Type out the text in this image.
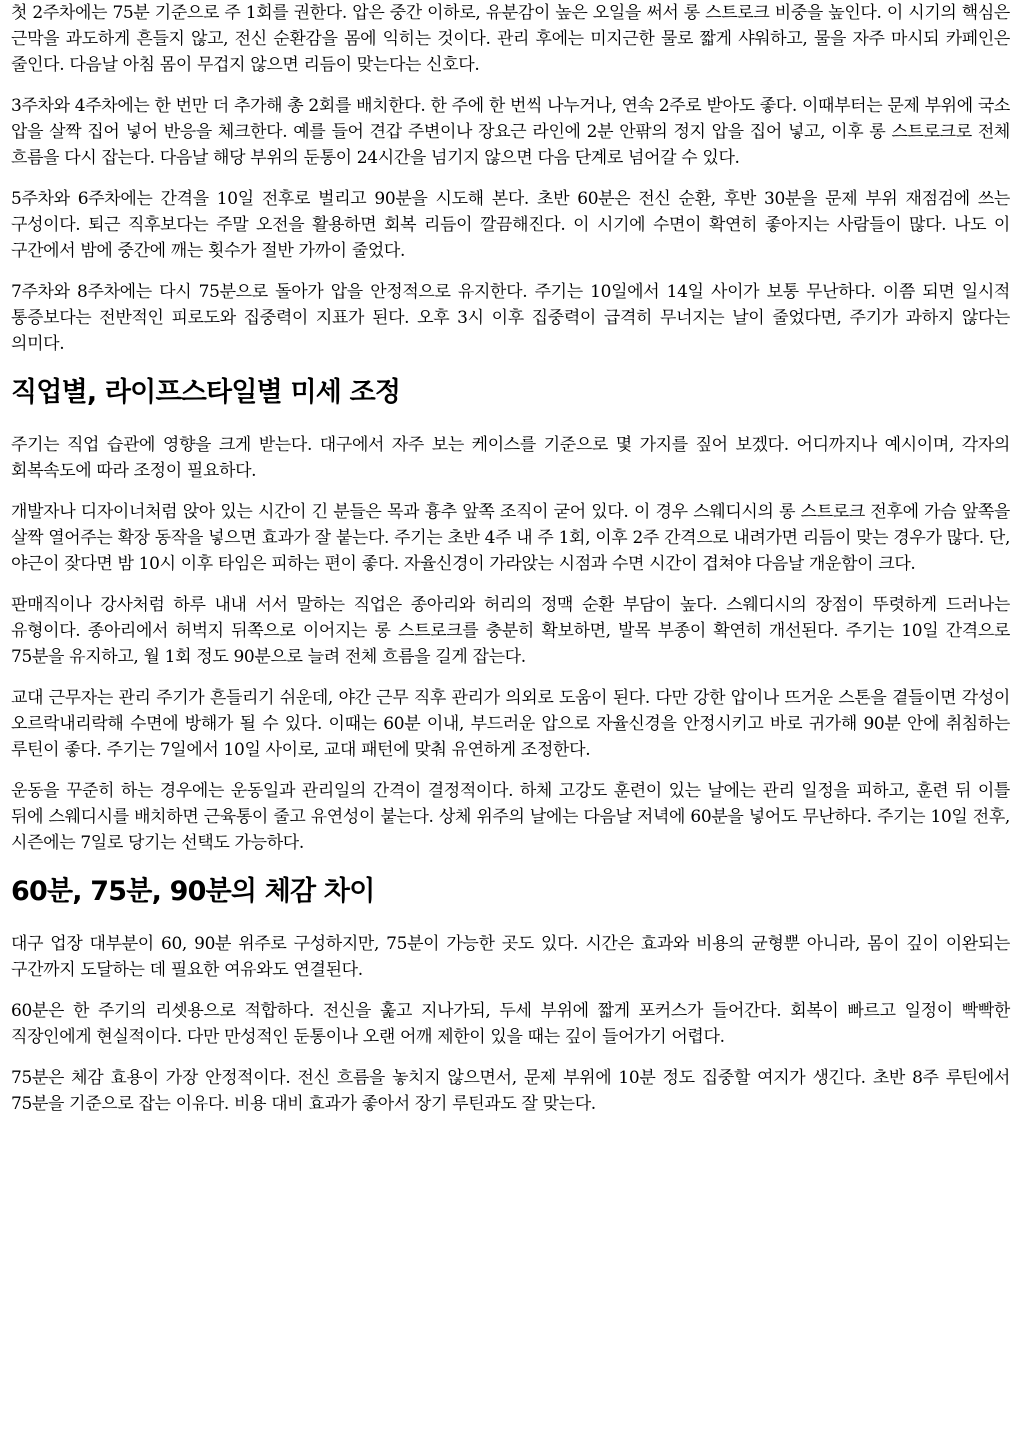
첫 2주차에는 75분 기준으로 주 1회를 권한다. 압은 중간 이하로, 유분감이 높은 오일을 써서 롱 스트로크 비중을 높인다. 이 시기의 핵심은 근막을 과도하게 흔들지 않고, 전신 순환감을 몸에 익히는 것이다. 관리 후에는 미지근한 물로 짧게 샤워하고, 물을 자주 마시되 카페인은 줄인다. 다음날 아침 몸이 무겁지 않으면 리듬이 맞는다는 신호다.

3주차와 4주차에는 한 번만 더 추가해 총 2회를 배치한다. 한 주에 한 번씩 나누거나, 연속 2주로 받아도 좋다. 이때부터는 문제 부위에 국소 압을 살짝 집어 넣어 반응을 체크한다. 예를 들어 견갑 주변이나 장요근 라인에 2분 안팎의 정지 압을 집어 넣고, 이후 롱 스트로크로 전체 흐름을 다시 잡는다. 다음날 해당 부위의 둔통이 24시간을 넘기지 않으면 다음 단계로 넘어갈 수 있다.

5주차와 6주차에는 간격을 10일 전후로 벌리고 90분을 시도해 본다. 초반 60분은 전신 순환, 후반 30분을 문제 부위 재점검에 쓰는 구성이다. 퇴근 직후보다는 주말 오전을 활용하면 회복 리듬이 깔끔해진다. 이 시기에 수면이 확연히 좋아지는 사람들이 많다. 나도 이 구간에서 밤에 중간에 깨는 횟수가 절반 가까이 줄었다.

7주차와 8주차에는 다시 75분으로 돌아가 압을 안정적으로 유지한다. 주기는 10일에서 14일 사이가 보통 무난하다. 이쯤 되면 일시적 통증보다는 전반적인 피로도와 집중력이 지표가 된다. 오후 3시 이후 집중력이 급격히 무너지는 날이 줄었다면, 주기가 과하지 않다는 의미다.

직업별, 라이프스타일별 미세 조정

주기는 직업 습관에 영향을 크게 받는다. 대구에서 자주 보는 케이스를 기준으로 몇 가지를 짚어 보겠다. 어디까지나 예시이며, 각자의 회복속도에 따라 조정이 필요하다.

개발자나 디자이너처럼 앉아 있는 시간이 긴 분들은 목과 흉추 앞쪽 조직이 굳어 있다. 이 경우 스웨디시의 롱 스트로크 전후에 가슴 앞쪽을 살짝 열어주는 확장 동작을 넣으면 효과가 잘 붙는다. 주기는 초반 4주 내 주 1회, 이후 2주 간격으로 내려가면 리듬이 맞는 경우가 많다. 단, 야근이 잦다면 밤 10시 이후 타임은 피하는 편이 좋다. 자율신경이 가라앉는 시점과 수면 시간이 겹쳐야 다음날 개운함이 크다.

판매직이나 강사처럼 하루 내내 서서 말하는 직업은 종아리와 허리의 정맥 순환 부담이 높다. 스웨디시의 장점이 뚜렷하게 드러나는 유형이다. 종아리에서 허벅지 뒤쪽으로 이어지는 롱 스트로크를 충분히 확보하면, 발목 부종이 확연히 개선된다. 주기는 10일 간격으로 75분을 유지하고, 월 1회 정도 90분으로 늘려 전체 흐름을 길게 잡는다.

교대 근무자는 관리 주기가 흔들리기 쉬운데, 야간 근무 직후 관리가 의외로 도움이 된다. 다만 강한 압이나 뜨거운 스톤을 곁들이면 각성이 오르락내리락해 수면에 방해가 될 수 있다. 이때는 60분 이내, 부드러운 압으로 자율신경을 안정시키고 바로 귀가해 90분 안에 취침하는 루틴이 좋다. 주기는 7일에서 10일 사이로, 교대 패턴에 맞춰 유연하게 조정한다.

운동을 꾸준히 하는 경우에는 운동일과 관리일의 간격이 결정적이다. 하체 고강도 훈련이 있는 날에는 관리 일정을 피하고, 훈련 뒤 이틀 뒤에 스웨디시를 배치하면 근육통이 줄고 유연성이 붙는다. 상체 위주의 날에는 다음날 저녁에 60분을 넣어도 무난하다. 주기는 10일 전후, 시즌에는 7일로 당기는 선택도 가능하다.

60분, 75분, 90분의 체감 차이

대구 업장 대부분이 60, 90분 위주로 구성하지만, 75분이 가능한 곳도 있다. 시간은 효과와 비용의 균형뿐 아니라, 몸이 깊이 이완되는 구간까지 도달하는 데 필요한 여유와도 연결된다.

60분은 한 주기의 리셋용으로 적합하다. 전신을 훑고 지나가되, 두세 부위에 짧게 포커스가 들어간다. 회복이 빠르고 일정이 빡빡한 직장인에게 현실적이다. 다만 만성적인 둔통이나 오랜 어깨 제한이 있을 때는 깊이 들어가기 어렵다.

75분은 체감 효용이 가장 안정적이다. 전신 흐름을 놓치지 않으면서, 문제 부위에 10분 정도 집중할 여지가 생긴다. 초반 8주 루틴에서 75분을 기준으로 잡는 이유다. 비용 대비 효과가 좋아서 장기 루틴과도 잘 맞는다.
